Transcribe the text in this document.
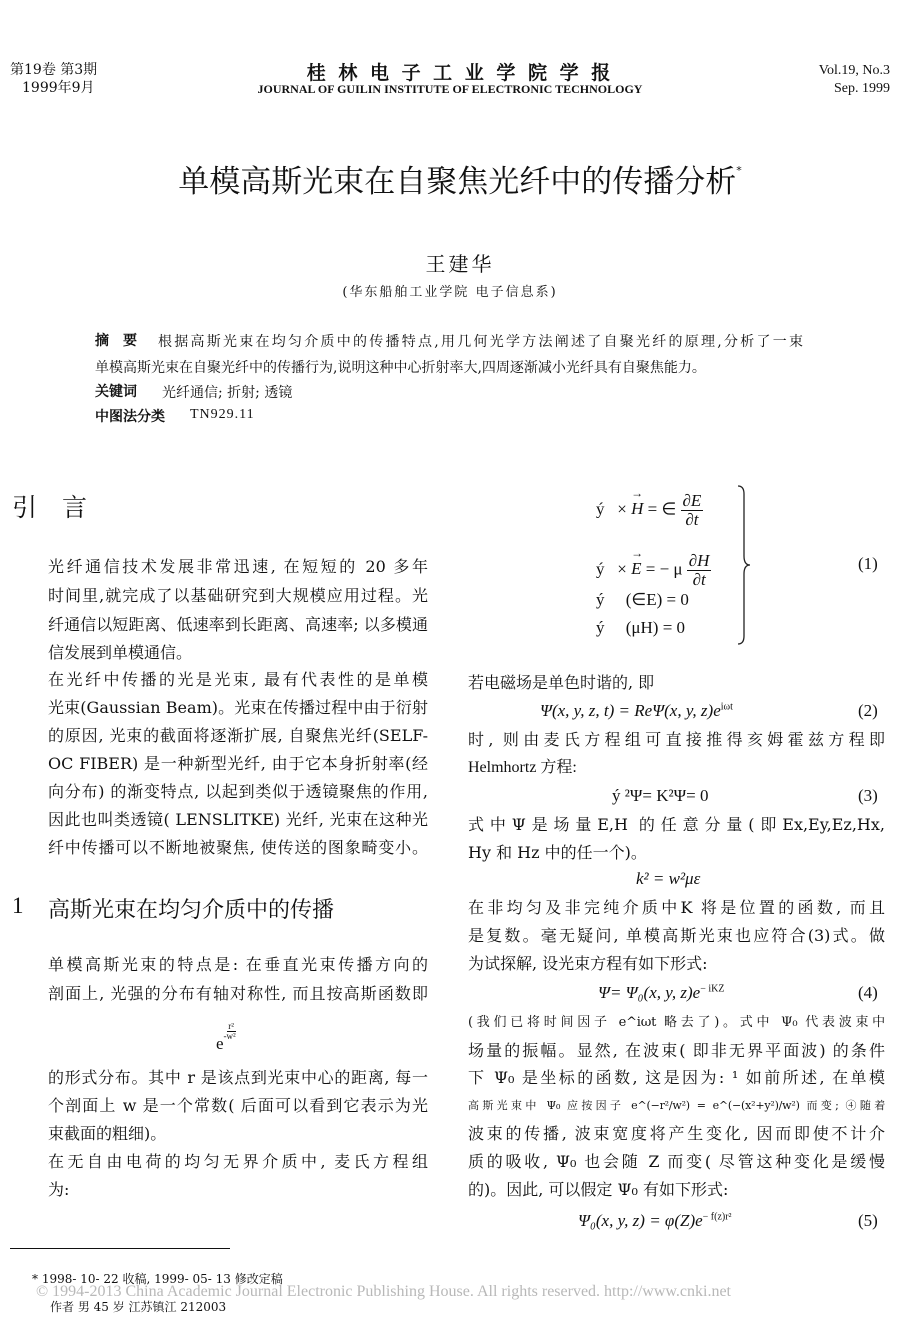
第19卷 第3期
1999年9月
桂 林 电 子 工 业 学 院 学 报
JOURNAL OF GUILIN INSTITUTE OF ELECTRONIC TECHNOLOGY
Vol.19, No.3
Sep. 1999
单模高斯光束在自聚焦光纤中的传播分析*
王建华
(华东船舶工业学院 电子信息系)
摘　要 根据高斯光束在均匀介质中的传播特点,用几何光学方法阐述了自聚光纤的原理,分析了一束
单模高斯光束在自聚光纤中的传播行为,说明这种中心折射率大,四周逐渐减小光纤具有自聚焦能力。
关键词 光纤通信; 折射; 透镜
中图法分类 TN929.11
引　言
光纤通信技术发展非常迅速, 在短短的 20 多年
时间里,就完成了以基础研究到大规模应用过程。光
纤通信以短距离、低速率到长距离、高速率; 以多模通
信发展到单模通信。
在光纤中传播的光是光束, 最有代表性的是单模
光束(Gaussian Beam)。光束在传播过程中由于衍射
的原因, 光束的截面将逐渐扩展, 自聚焦光纤(SELF-
OC FIBER) 是一种新型光纤, 由于它本身折射率(经
向分布) 的渐变特点, 以起到类似于透镜聚焦的作用,
因此也叫类透镜( LENSLITKE) 光纤, 光束在这种光
纤中传播可以不断地被聚焦, 使传送的图象畸变小。
1 高斯光束在均匀介质中的传播
单模高斯光束的特点是: 在垂直光束传播方向的
剖面上, 光强的分布有轴对称性, 而且按高斯函数即
$e- \frac{\text{r²}}{\text{w²}}$
的形式分布。其中 r 是该点到光束中心的距离, 每一
个剖面上 w 是一个常数( 后面可以看到它表示为光
束截面的粗细)。
在无自由电荷的均匀无界介质中, 麦氏方程组
为:
ý × → H = ∈ $\frac{\partial E}{\partial t}$
ý × → E = − μ $\frac{\partial H}{\partial t}$
ý (∈E) = 0
ý (μH) = 0
(1)
若电磁场是单色时谐的, 即
Ψ(x, y, z, t) = ReΨ(x, y, $z)e^{i\omega t}$	(2)
时, 则由麦氏方程组可直接推得亥姆霍兹方程即
Helmhortz 方程:
ý ²Ψ= K²Ψ= 0	(3)
式中Ψ是场量E,H 的任意分量(即Ex,Ey,Ez,Hx,
Hy 和 Hz 中的任一个)。
k² = w²με
在非均匀及非完纯介质中K 将是位置的函数, 而且
是复数。毫无疑问, 单模高斯光束也应符合(3)式。做
为试探解, 设光束方程有如下形式:
Ψ= Ψ₀(x, y, $z)e^{- iKZ}$	(4)
(我们已将时间因子 e^iωt 略去了)。式中 Ψ₀ 代表波束中
场量的振幅。显然, 在波束( 即非无界平面波) 的条件
下 Ψ₀ 是坐标的函数, 这是因为: ¹ 如前所述, 在单模
高斯光束中 Ψ₀ 应按因子 e^(−r²/w²) = e^(−(x²+y²)/w²) 而变; ④随着
波束的传播, 波束宽度将产生变化, 因而即使不计介
质的吸收, Ψ₀ 也会随 Z 而变( 尽管这种变化是缓慢
的)。因此, 可以假定 Ψ₀ 有如下形式:
Ψ₀(x, y, $z) = \varphi(Z)e^{- f(z)r^2}$	(5)
* 1998- 10- 22 收稿, 1999- 05- 13 修改定稿
作者 男 45 岁 江苏镇江 212003
© 1994-2013 China Academic Journal Electronic Publishing House. All rights reserved. http://www.cnki.net
